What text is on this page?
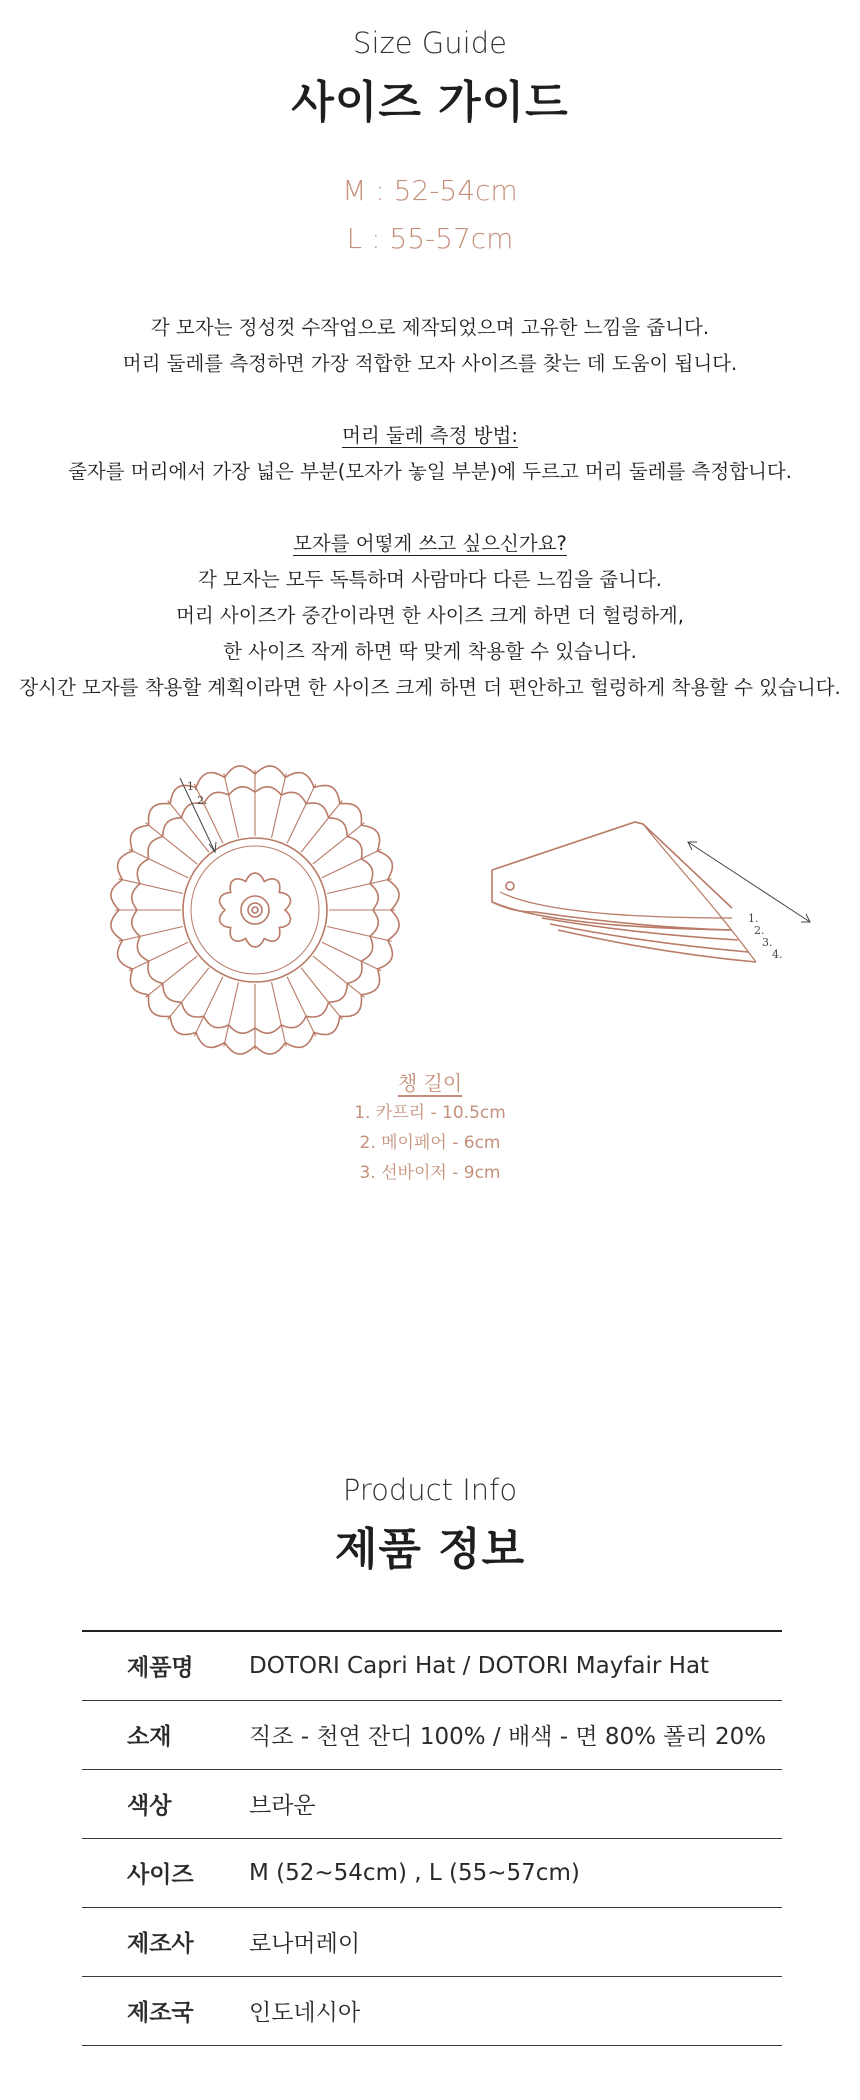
Size Guide
사이즈 가이드
M : 52-54cm
L : 55-57cm

각 모자는 정성껏 수작업으로 제작되었으며 고유한 느낌을 줍니다.

머리 둘레를 측정하면 가장 적합한 모자 사이즈를 찾는 데 도움이 됩니다.

머리 둘레 측정 방법:

줄자를 머리에서 가장 넓은 부분(모자가 놓일 부분)에 두르고 머리 둘레를 측정합니다.

모자를 어떻게 쓰고 싶으신가요?

각 모자는 모두 독특하며 사람마다 다른 느낌을 줍니다.

머리 사이즈가 중간이라면 한 사이즈 크게 하면 더 헐렁하게,

한 사이즈 작게 하면 딱 맞게 착용할 수 있습니다.

장시간 모자를 착용할 계획이라면 한 사이즈 크게 하면 더 편안하고 헐렁하게 착용할 수 있습니다.

1.
2.
1.
2.
3.
4.
챙 길이
1. 카프리 - 10.5cm
2. 메이페어 - 6cm
3. 선바이저 - 9cm
Product Info
제품 정보
제품명	DOTORI Capri Hat / DOTORI Mayfair Hat
소재	직조 - 천연 잔디 100% / 배색 - 면 80% 폴리 20%
색상	브라운
사이즈	M (52~54cm) , L (55~57cm)
제조사	로나머레이
제조국	인도네시아
